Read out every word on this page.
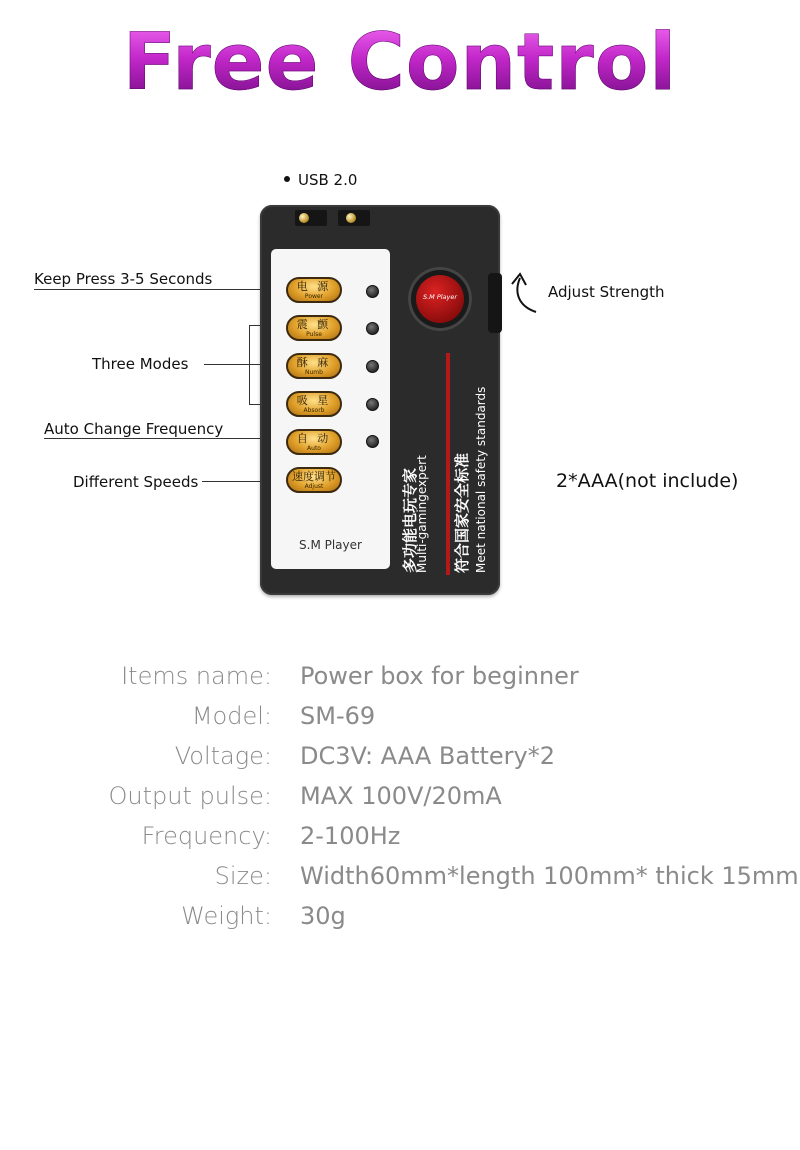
Free Control
USB 2.0
Keep Press 3-5 Seconds
Three Modes
Auto Change Frequency
Different Speeds
Adjust Strength
2*AAA(not include)
电 源
Power
震 颤
Pulse
酥 麻
Numb
吸 星
Absorb
自 动
Auto
速度调节
Adjust
S.M Player
S.M Player
多功能电玩专家
Multi-gamingexpert 符合国家安全标准 Meet national safety standards
Items name: Power box for beginner
Model: SM-69
Voltage: DC3V: AAA Battery*2
Output pulse: MAX 100V/20mA
Frequency: 2-100Hz
Size: Width60mm*length 100mm* thick 15mm
Weight: 30g
